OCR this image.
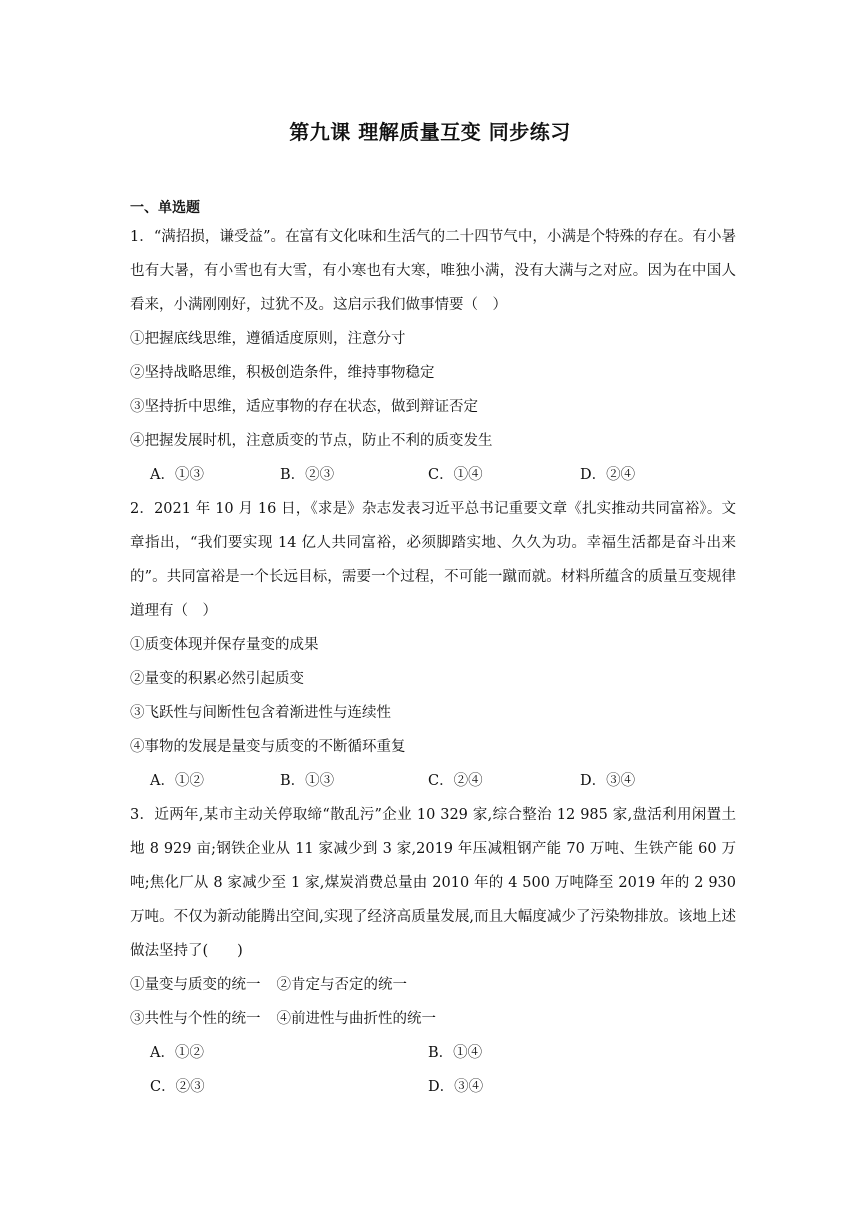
第九课 理解质量互变 同步练习
一、单选题

1．“满招损，谦受益”。在富有文化味和生活气的二十四节气中，小满是个特殊的存在。有小暑也有大暑，有小雪也有大雪，有小寒也有大寒，唯独小满，没有大满与之对应。因为在中国人看来，小满刚刚好，过犹不及。这启示我们做事情要（　）

①把握底线思维，遵循适度原则，注意分寸
②坚持战略思维，积极创造条件，维持事物稳定
③坚持折中思维，适应事物的存在状态，做到辩证否定
④把握发展时机，注意质变的节点，防止不利的质变发生
A．①③	B．②③	C．①④	D．②④

2．2021 年 10 月 16 日，《求是》杂志发表习近平总书记重要文章《扎实推动共同富裕》。文章指出，“我们要实现 14 亿人共同富裕，必须脚踏实地、久久为功。幸福生活都是奋斗出来的”。共同富裕是一个长远目标，需要一个过程，不可能一蹴而就。材料所蕴含的质量互变规律道理有（　）

①质变体现并保存量变的成果
②量变的积累必然引起质变
③飞跃性与间断性包含着渐进性与连续性
④事物的发展是量变与质变的不断循环重复
A．①②	B．①③	C．②④	D．③④

3．近两年,某市主动关停取缔“散乱污”企业 10 329 家,综合整治 12 985 家,盘活利用闲置土地 8 929 亩;钢铁企业从 11 家减少到 3 家,2019 年压减粗钢产能 70 万吨、生铁产能 60 万吨;焦化厂从 8 家减少至 1 家,煤炭消费总量由 2010 年的 4 500 万吨降至 2019 年的 2 930 万吨。不仅为新动能腾出空间,实现了经济高质量发展,而且大幅度减少了污染物排放。该地上述做法坚持了(　　)

①量变与质变的统一 ②肯定与否定的统一
③共性与个性的统一 ④前进性与曲折性的统一
A．①②	B．①④
C．②③	D．③④
